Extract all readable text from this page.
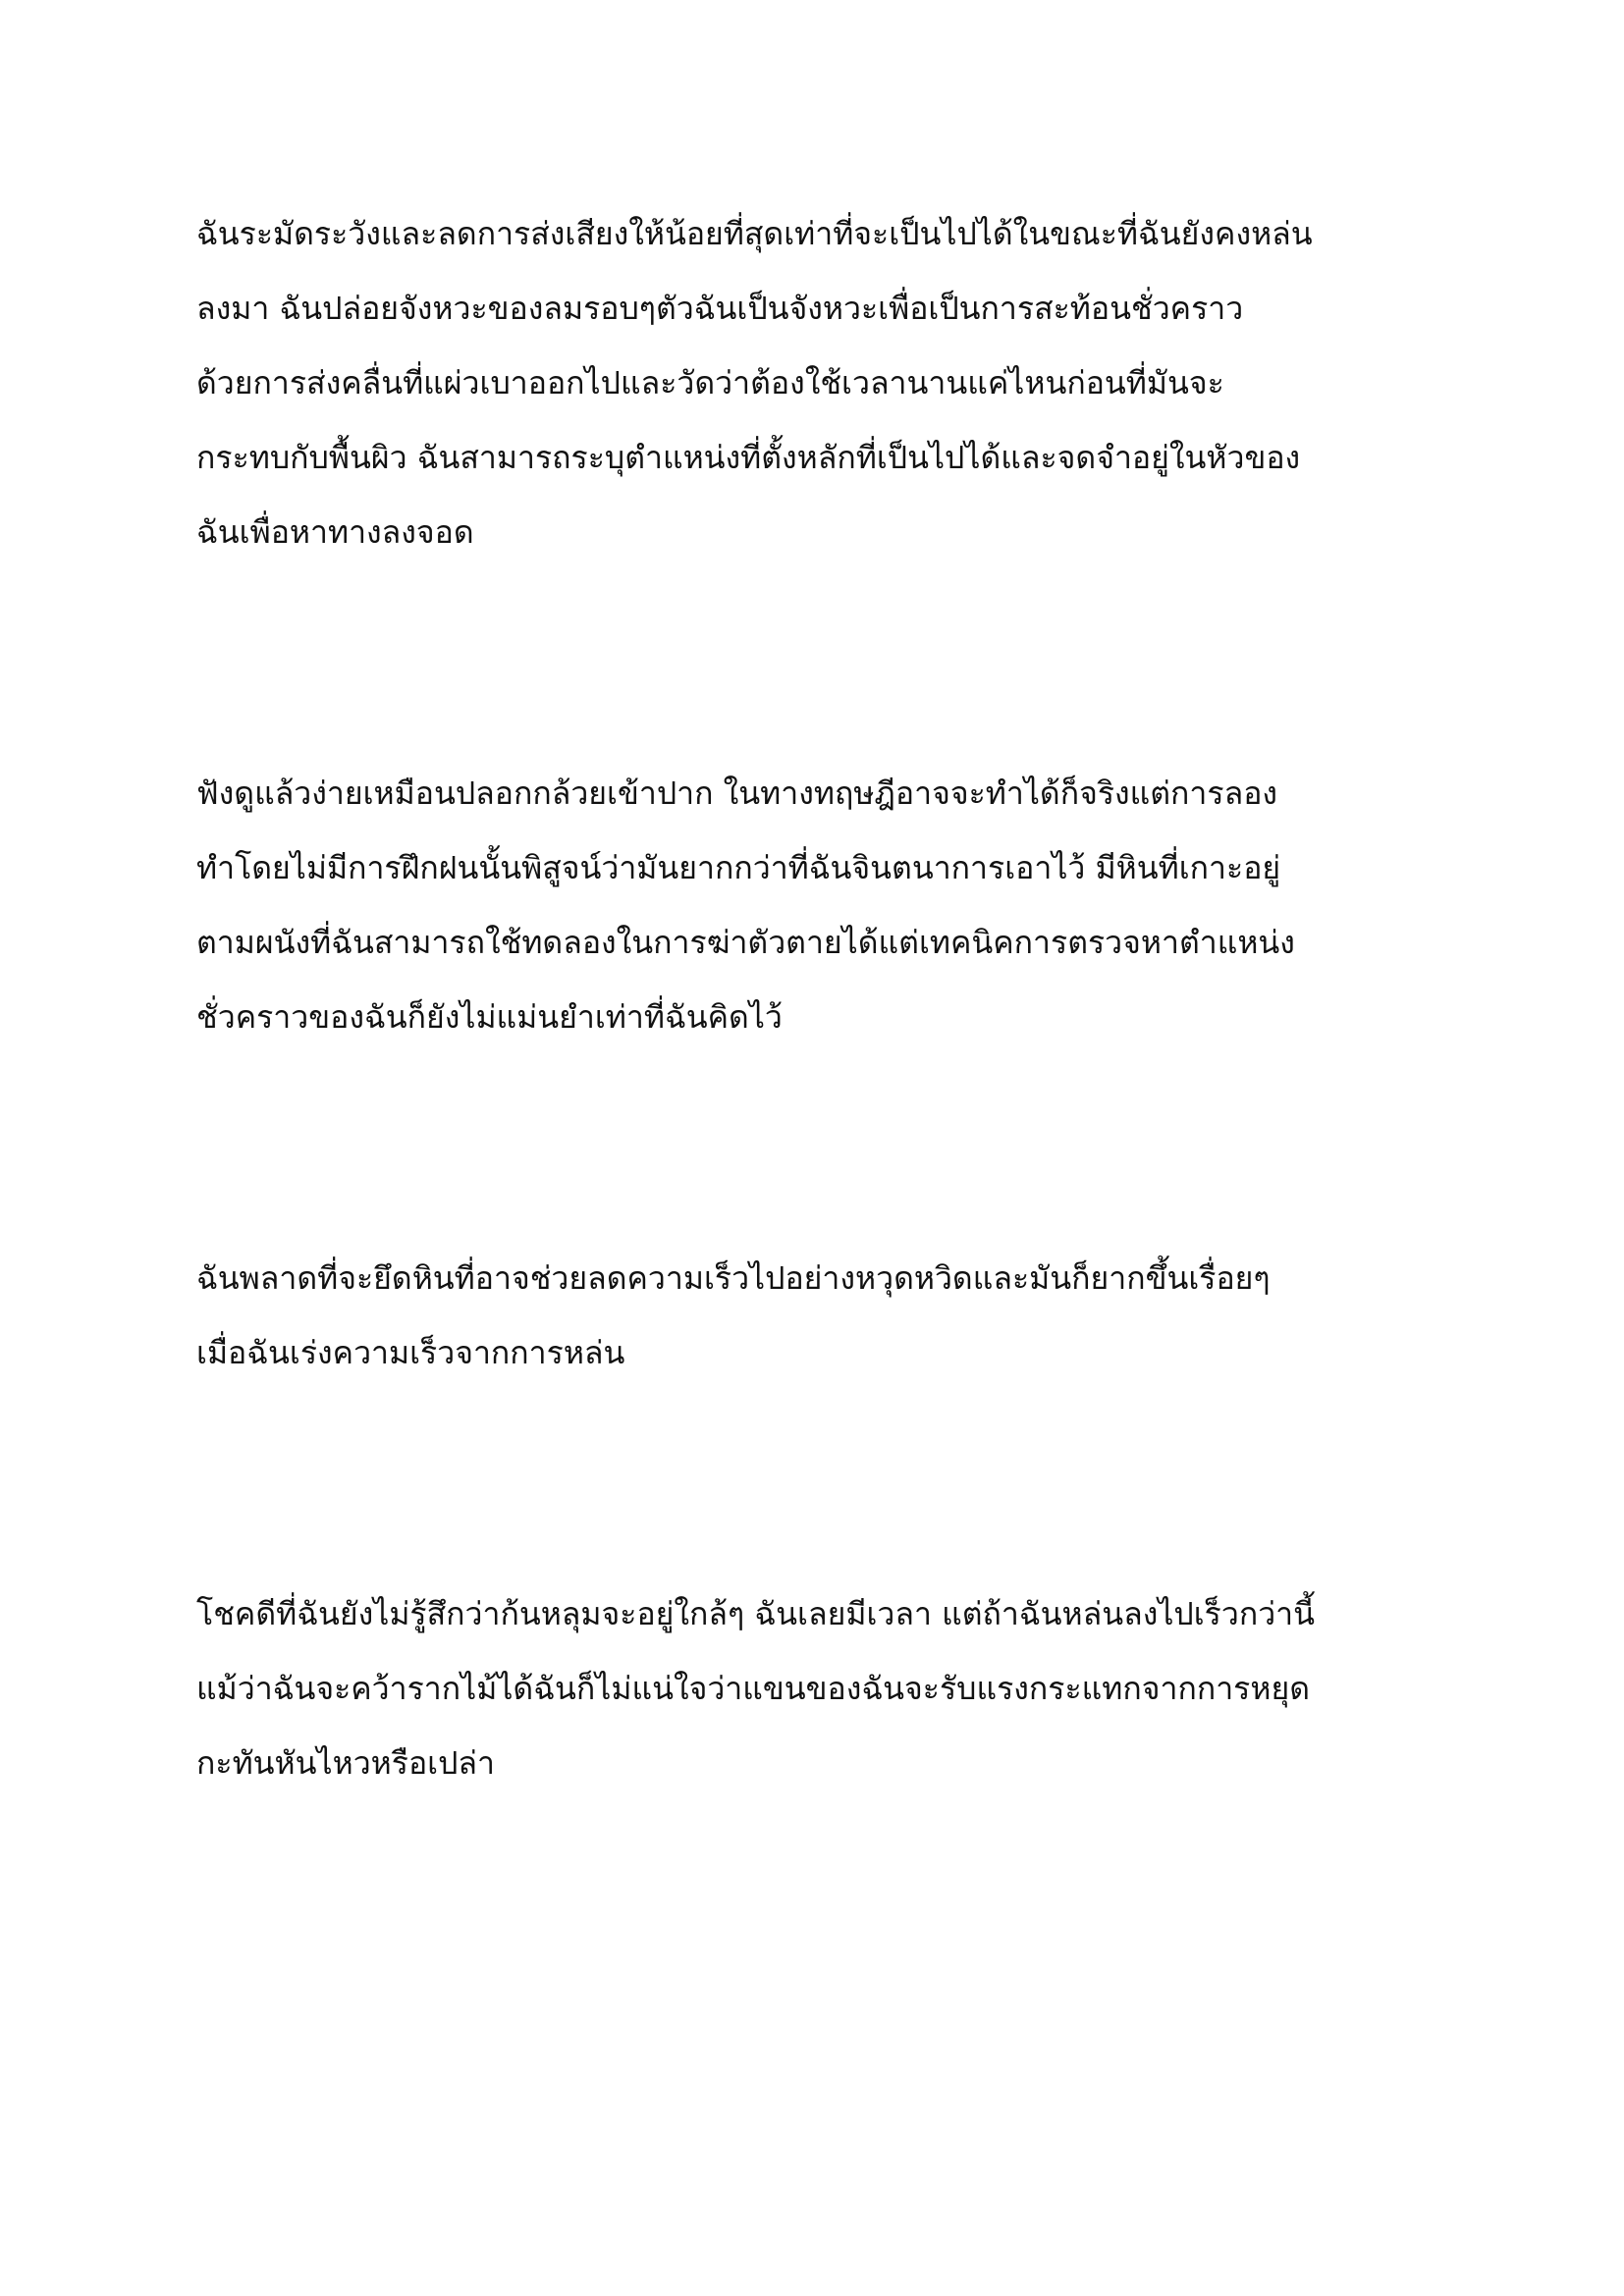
ฉันระมัดระวังและลดการส่งเสียงให้น้อยที่สุดเท่าที่จะเป็นไปได้ในขณะที่ฉันยังคงหล่น
ลงมา ฉันปล่อยจังหวะของลมรอบๆตัวฉันเป็นจังหวะเพื่อเป็นการสะท้อนชั่วคราว
ด้วยการส่งคลื่นที่แผ่วเบาออกไปและวัดว่าต้องใช้เวลานานแค่ไหนก่อนที่มันจะ
กระทบกับพื้นผิว ฉันสามารถระบุตำแหน่งที่ตั้งหลักที่เป็นไปได้และจดจำอยู่ในหัวของ
ฉันเพื่อหาทางลงจอด
ฟังดูแล้วง่ายเหมือนปลอกกล้วยเข้าปาก ในทางทฤษฎีอาจจะทำได้ก็จริงแต่การลอง
ทำโดยไม่มีการฝึกฝนนั้นพิสูจน์ว่ามันยากกว่าที่ฉันจินตนาการเอาไว้ มีหินที่เกาะอยู่
ตามผนังที่ฉันสามารถใช้ทดลองในการฆ่าตัวตายได้แต่เทคนิคการตรวจหาตำแหน่ง
ชั่วคราวของฉันก็ยังไม่แม่นยำเท่าที่ฉันคิดไว้
ฉันพลาดที่จะยึดหินที่อาจช่วยลดความเร็วไปอย่างหวุดหวิดและมันก็ยากขึ้นเรื่อยๆ
เมื่อฉันเร่งความเร็วจากการหล่น
โชคดีที่ฉันยังไม่รู้สึกว่าก้นหลุมจะอยู่ใกล้ๆ ฉันเลยมีเวลา แต่ถ้าฉันหล่นลงไปเร็วกว่านี้
แม้ว่าฉันจะคว้ารากไม้ได้ฉันก็ไม่แน่ใจว่าแขนของฉันจะรับแรงกระแทกจากการหยุด
กะทันหันไหวหรือเปล่า
